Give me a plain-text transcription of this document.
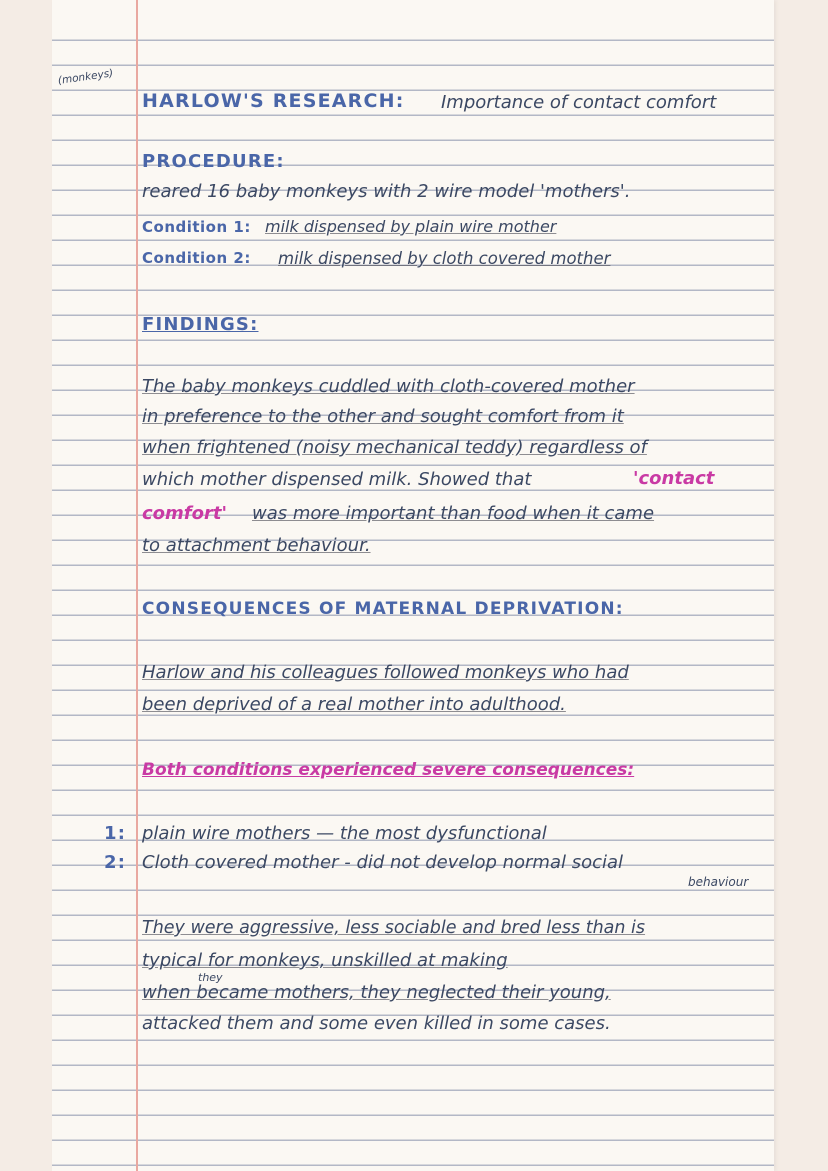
(monkeys)
HARLOW'S RESEARCH: Importance of contact comfort
PROCEDURE:
reared 16 baby monkeys with 2 wire model 'mothers'.
Condition 1: milk dispensed by plain wire mother
Condition 2: milk dispensed by cloth covered mother
FINDINGS:
The baby monkeys cuddled with cloth-covered mother
in preference to the other and sought comfort from it
when frightened (noisy mechanical teddy) regardless of
which mother dispensed milk. Showed that	'contact
comfort' was more important than food when it came
to attachment behaviour.
CONSEQUENCES OF MATERNAL DEPRIVATION:
Harlow and his colleagues followed monkeys who had
been deprived of a real mother into adulthood.
Both conditions experienced severe consequences:
1: plain wire mothers — the most dysfunctional
2: Cloth covered mother - did not develop normal social
behaviour
They were aggressive, less sociable and bred less than is
typical for monkeys, unskilled at making
they
when became mothers, they neglected their young,
attacked them and some even killed in some cases.
